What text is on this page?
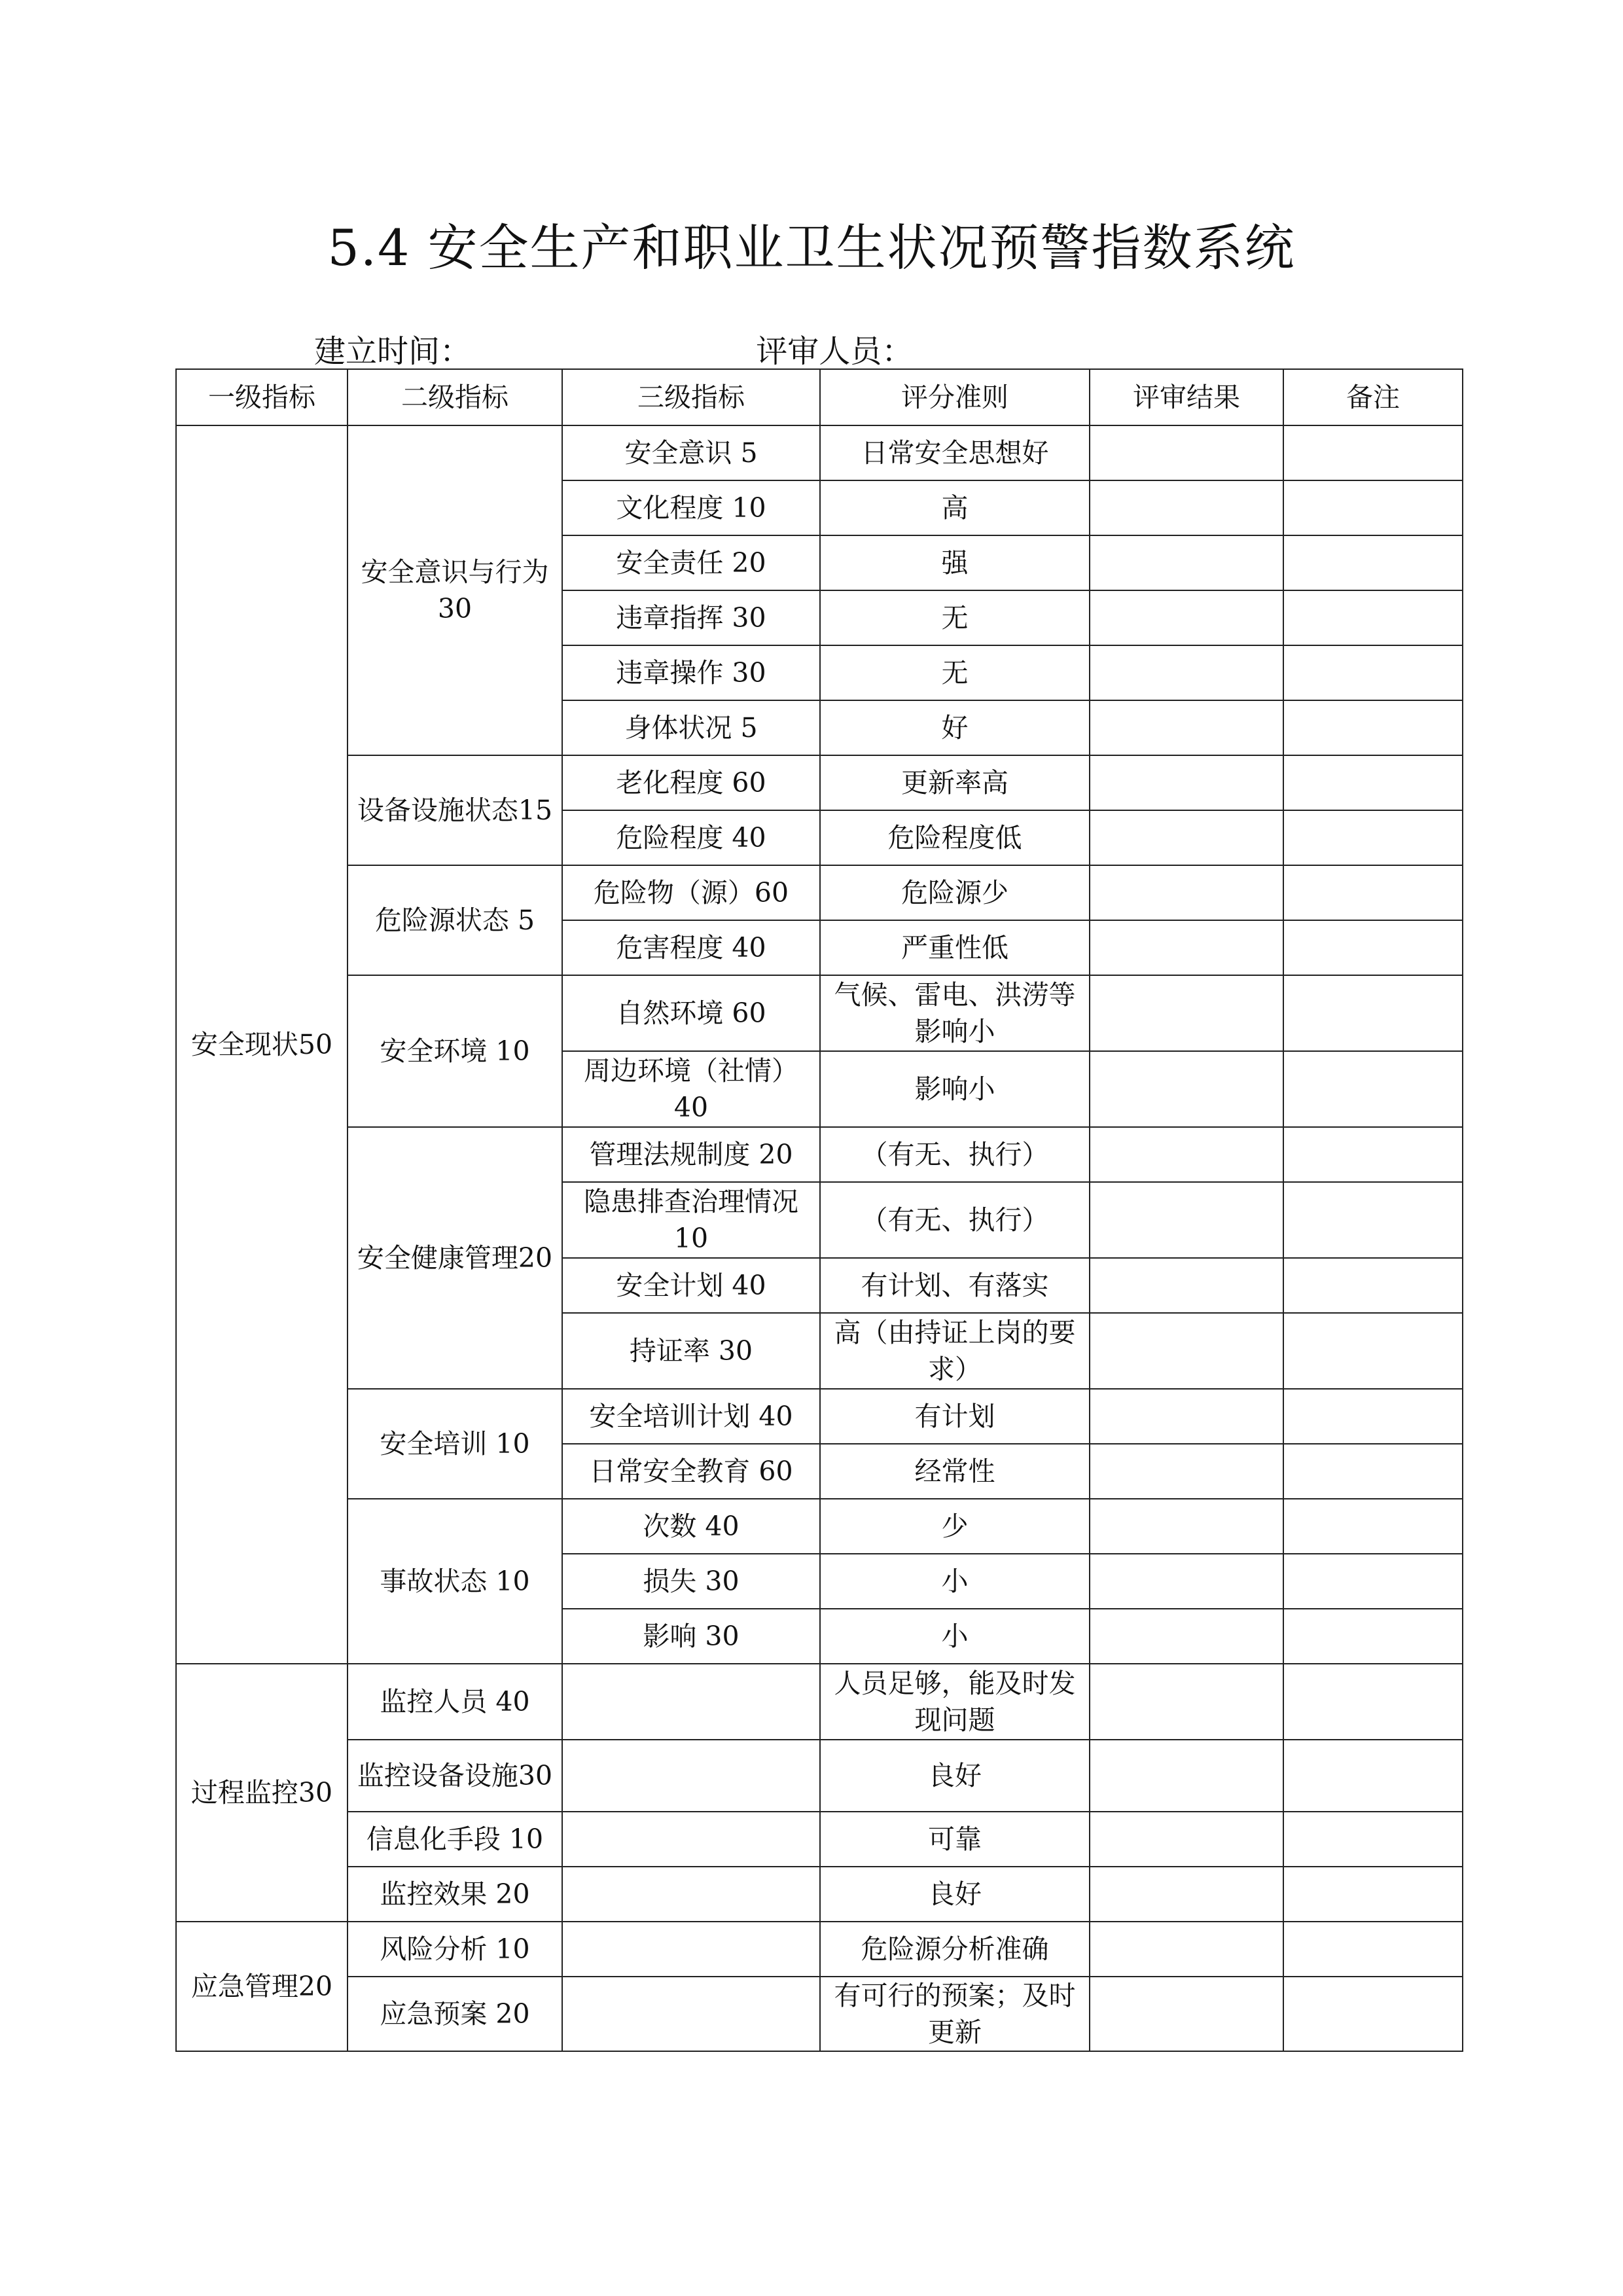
5.4 安全生产和职业卫生状况预警指数系统
建立时间：	评审人员：
一级指标	二级指标	三级指标	评分准则	评审结果	备注
安全现状50	安全意识与行为30	安全意识 5	日常安全思想好		
		文化程度 10	高		
		安全责任 20	强		
		违章指挥 30	无		
		违章操作 30	无		
		身体状况 5	好		
	设备设施状态15	老化程度 60	更新率高		
		危险程度 40	危险程度低		
	危险源状态 5	危险物（源）60	危险源少		
		危害程度 40	严重性低		
	安全环境 10	自然环境 60	气候、雷电、洪涝等影响小		
		周边环境（社情）40	影响小		
	安全健康管理20	管理法规制度 20	（有无、执行）		
		隐患排查治理情况 10	（有无、执行）		
		安全计划 40	有计划、有落实		
		持证率 30	高（由持证上岗的要求）		
	安全培训 10	安全培训计划 40	有计划		
		日常安全教育 60	经常性		
	事故状态 10	次数 40	少		
		损失 30	小		
		影响 30	小		
过程监控30	监控人员 40		人员足够，能及时发现问题		
	监控设备设施30		良好		
	信息化手段 10		可靠		
	监控效果 20		良好		
应急管理20	风险分析 10		危险源分析准确		
	应急预案 20		有可行的预案；及时更新		
